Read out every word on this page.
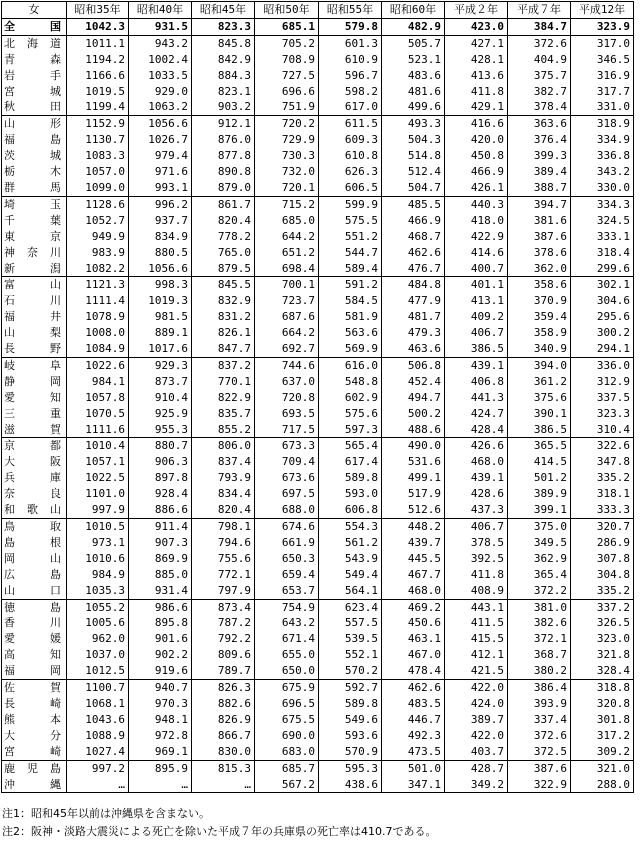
女	昭和35年	昭和40年	昭和45年	昭和50年	昭和55年	昭和60年	平成２年	平成７年	平成12年
全　国	1042.3	931.5	823.3	685.1	579.8	482.9	423.0	384.7	323.9
北海道	1011.1	943.2	845.8	705.2	601.3	505.7	427.1	372.6	317.0
青森	1194.2	1002.4	842.9	708.9	610.9	523.1	428.1	404.9	346.5
岩手	1166.6	1033.5	884.3	727.5	596.7	483.6	413.6	375.7	316.9
宮城	1019.5	929.0	823.1	696.6	598.2	481.6	411.8	382.7	317.7
秋田	1199.4	1063.2	903.2	751.9	617.0	499.6	429.1	378.4	331.0
山形	1152.9	1056.6	912.1	720.2	611.5	493.3	416.6	363.6	318.9
福島	1130.7	1026.7	876.0	729.9	609.3	504.3	420.0	376.4	334.9
茨城	1083.3	979.4	877.8	730.3	610.8	514.8	450.8	399.3	336.8
栃木	1057.0	971.6	890.8	732.0	626.3	512.4	466.9	389.4	343.2
群馬	1099.0	993.1	879.0	720.1	606.5	504.7	426.1	388.7	330.0
埼玉	1128.6	996.2	861.7	715.2	599.9	485.5	440.3	394.7	334.3
千葉	1052.7	937.7	820.4	685.0	575.5	466.9	418.0	381.6	324.5
東京	949.9	834.9	778.2	644.2	551.2	468.7	422.9	387.6	333.1
神奈川	983.9	880.5	765.0	651.2	544.7	462.6	414.6	378.6	318.4
新潟	1082.2	1056.6	879.5	698.4	589.4	476.7	400.7	362.0	299.6
富山	1121.3	998.3	845.5	700.1	591.2	484.8	401.1	358.6	302.1
石川	1111.4	1019.3	832.9	723.7	584.5	477.9	413.1	370.9	304.6
福井	1078.9	981.5	831.2	687.6	581.9	481.7	409.2	359.4	295.6
山梨	1008.0	889.1	826.1	664.2	563.6	479.3	406.7	358.9	300.2
長野	1084.9	1017.6	847.7	692.7	569.9	463.6	386.5	340.9	294.1
岐阜	1022.6	929.3	837.2	744.6	616.0	506.8	439.1	394.0	336.0
静岡	984.1	873.7	770.1	637.0	548.8	452.4	406.8	361.2	312.9
愛知	1057.8	910.4	822.9	720.8	602.9	494.7	441.3	375.6	337.5
三重	1070.5	925.9	835.7	693.5	575.6	500.2	424.7	390.1	323.3
滋賀	1111.6	955.3	855.2	717.5	597.3	488.6	428.4	386.5	310.4
京都	1010.4	880.7	806.0	673.3	565.4	490.0	426.6	365.5	322.6
大阪	1057.1	906.3	837.4	709.4	617.4	531.6	468.0	414.5	347.8
兵庫	1022.5	897.8	793.9	673.6	589.8	499.1	439.1	501.2	335.2
奈良	1101.0	928.4	834.4	697.5	593.0	517.9	428.6	389.9	318.1
和歌山	997.9	886.6	820.4	688.0	606.8	512.6	437.3	399.1	333.3
鳥取	1010.5	911.4	798.1	674.6	554.3	448.2	406.7	375.0	320.7
島根	973.1	907.3	794.6	661.9	561.2	439.7	378.5	349.5	286.9
岡山	1010.6	869.9	755.6	650.3	543.9	445.5	392.5	362.9	307.8
広島	984.9	885.0	772.1	659.4	549.4	467.7	411.8	365.4	304.8
山口	1035.3	931.4	797.9	653.7	564.1	468.0	408.9	372.2	335.2
徳島	1055.2	986.6	873.4	754.9	623.4	469.2	443.1	381.0	337.2
香川	1005.6	895.8	787.2	643.2	557.5	450.6	411.5	382.6	326.5
愛媛	962.0	901.6	792.2	671.4	539.5	463.1	415.5	372.1	323.0
高知	1037.0	902.2	809.6	655.0	552.1	467.0	412.1	368.7	321.8
福岡	1012.5	919.6	789.7	650.0	570.2	478.4	421.5	380.2	328.4
佐賀	1100.7	940.7	826.3	675.9	592.7	462.6	422.0	386.4	318.8
長崎	1068.1	970.3	882.6	696.5	589.8	483.5	424.0	393.9	320.8
熊本	1043.6	948.1	826.9	675.5	549.6	446.7	389.7	337.4	301.8
大分	1088.9	972.8	866.7	690.0	593.6	492.3	422.0	372.6	317.2
宮崎	1027.4	969.1	830.0	683.0	570.9	473.5	403.7	372.5	309.2
鹿児島	997.2	895.9	815.3	685.7	595.3	501.0	428.7	387.6	321.0
沖縄	…	…	…	567.2	438.6	347.1	349.2	322.9	288.0
注1：昭和45年以前は沖縄県を含まない。
注2：阪神・淡路大震災による死亡を除いた平成７年の兵庫県の死亡率は410.7である。
